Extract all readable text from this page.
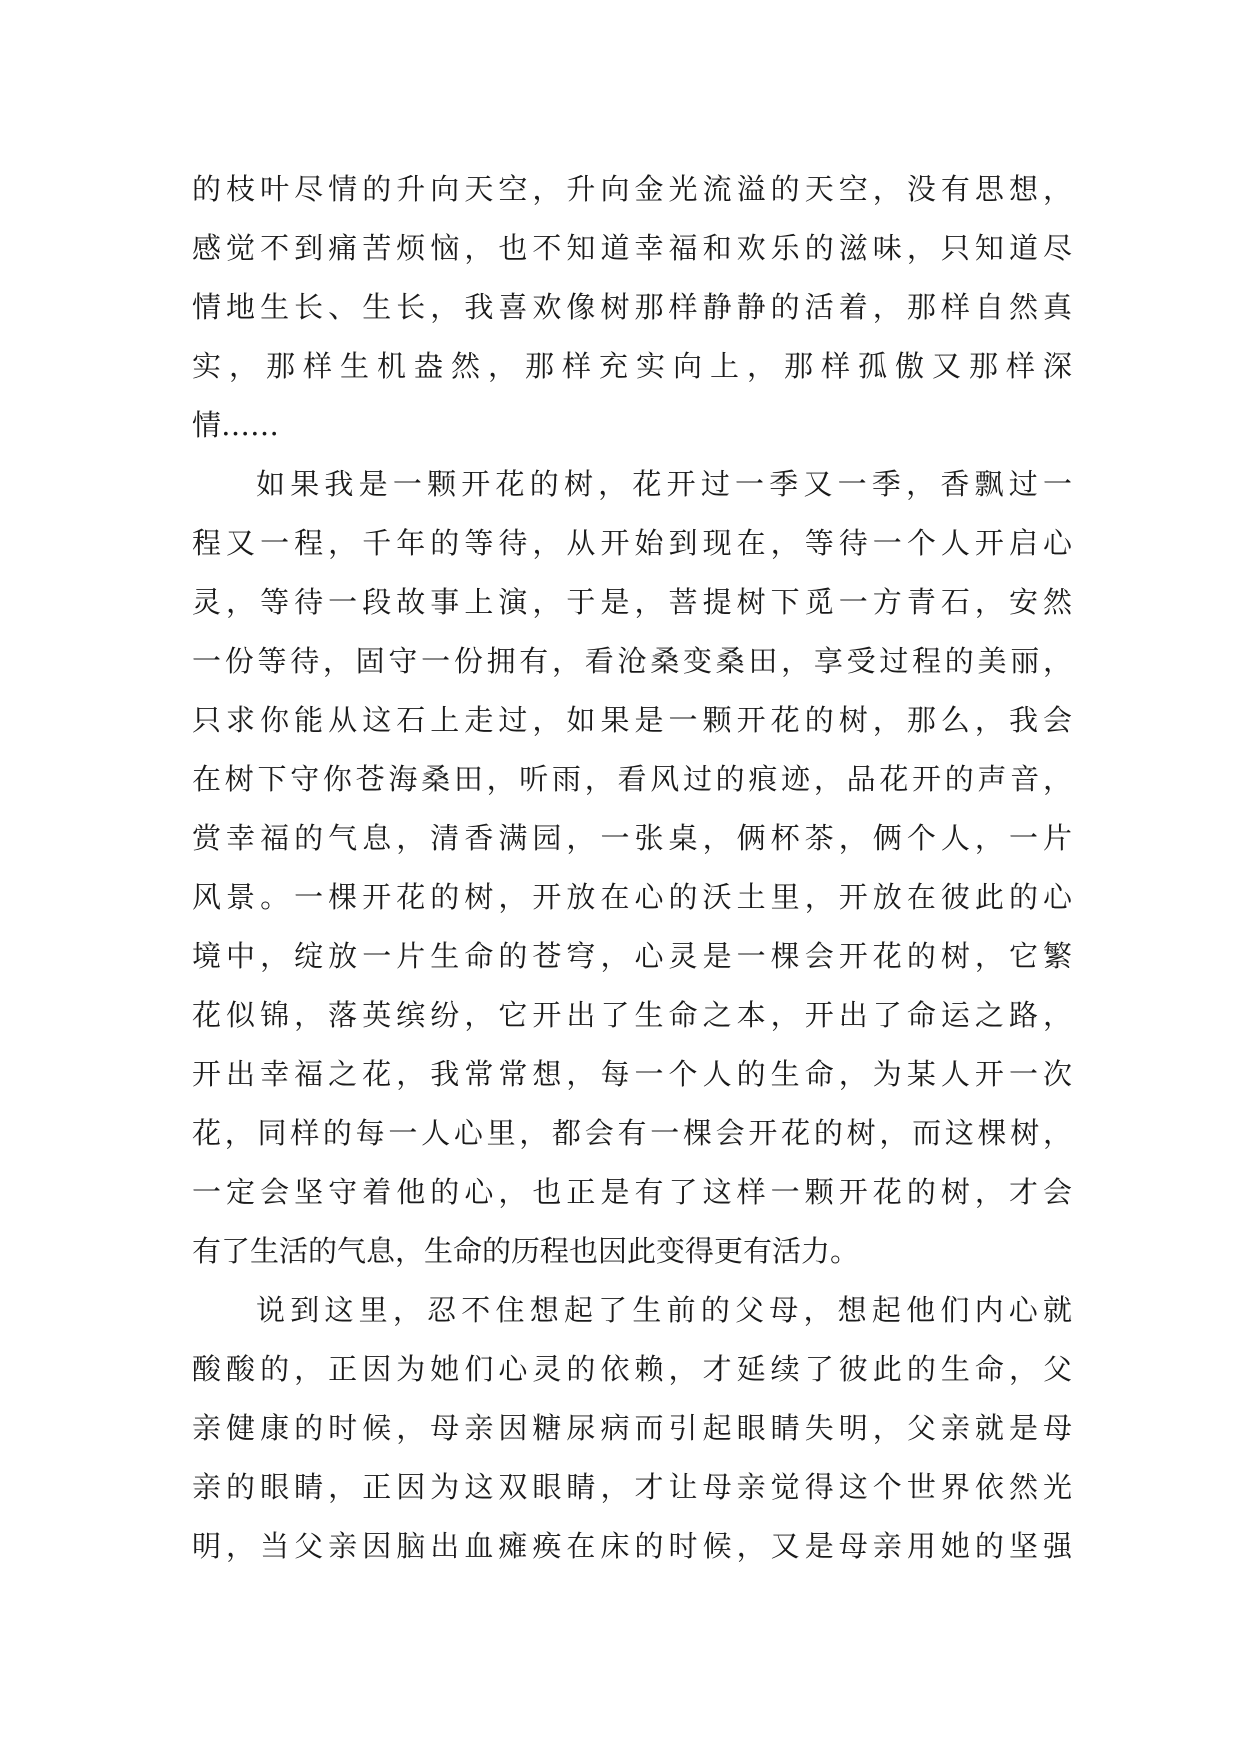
的枝叶尽情的升向天空，升向金光流溢的天空，没有思想，
感觉不到痛苦烦恼，也不知道幸福和欢乐的滋味，只知道尽
情地生长、生长，我喜欢像树那样静静的活着，那样自然真
实，那样生机盎然，那样充实向上，那样孤傲又那样深
情……
如果我是一颗开花的树，花开过一季又一季，香飘过一
程又一程，千年的等待，从开始到现在，等待一个人开启心
灵，等待一段故事上演，于是，菩提树下觅一方青石，安然
一份等待，固守一份拥有，看沧桑变桑田，享受过程的美丽，
只求你能从这石上走过，如果是一颗开花的树，那么，我会
在树下守你苍海桑田，听雨，看风过的痕迹，品花开的声音，
赏幸福的气息，清香满园，一张桌，俩杯茶，俩个人，一片
风景。一棵开花的树，开放在心的沃土里，开放在彼此的心
境中，绽放一片生命的苍穹，心灵是一棵会开花的树，它繁
花似锦，落英缤纷，它开出了生命之本，开出了命运之路，
开出幸福之花，我常常想，每一个人的生命，为某人开一次
花，同样的每一人心里，都会有一棵会开花的树，而这棵树，
一定会坚守着他的心，也正是有了这样一颗开花的树，才会
有了生活的气息，生命的历程也因此变得更有活力。
说到这里，忍不住想起了生前的父母，想起他们内心就
酸酸的，正因为她们心灵的依赖，才延续了彼此的生命，父
亲健康的时候，母亲因糖尿病而引起眼睛失明，父亲就是母
亲的眼睛，正因为这双眼睛，才让母亲觉得这个世界依然光
明，当父亲因脑出血瘫痪在床的时候，又是母亲用她的坚强
